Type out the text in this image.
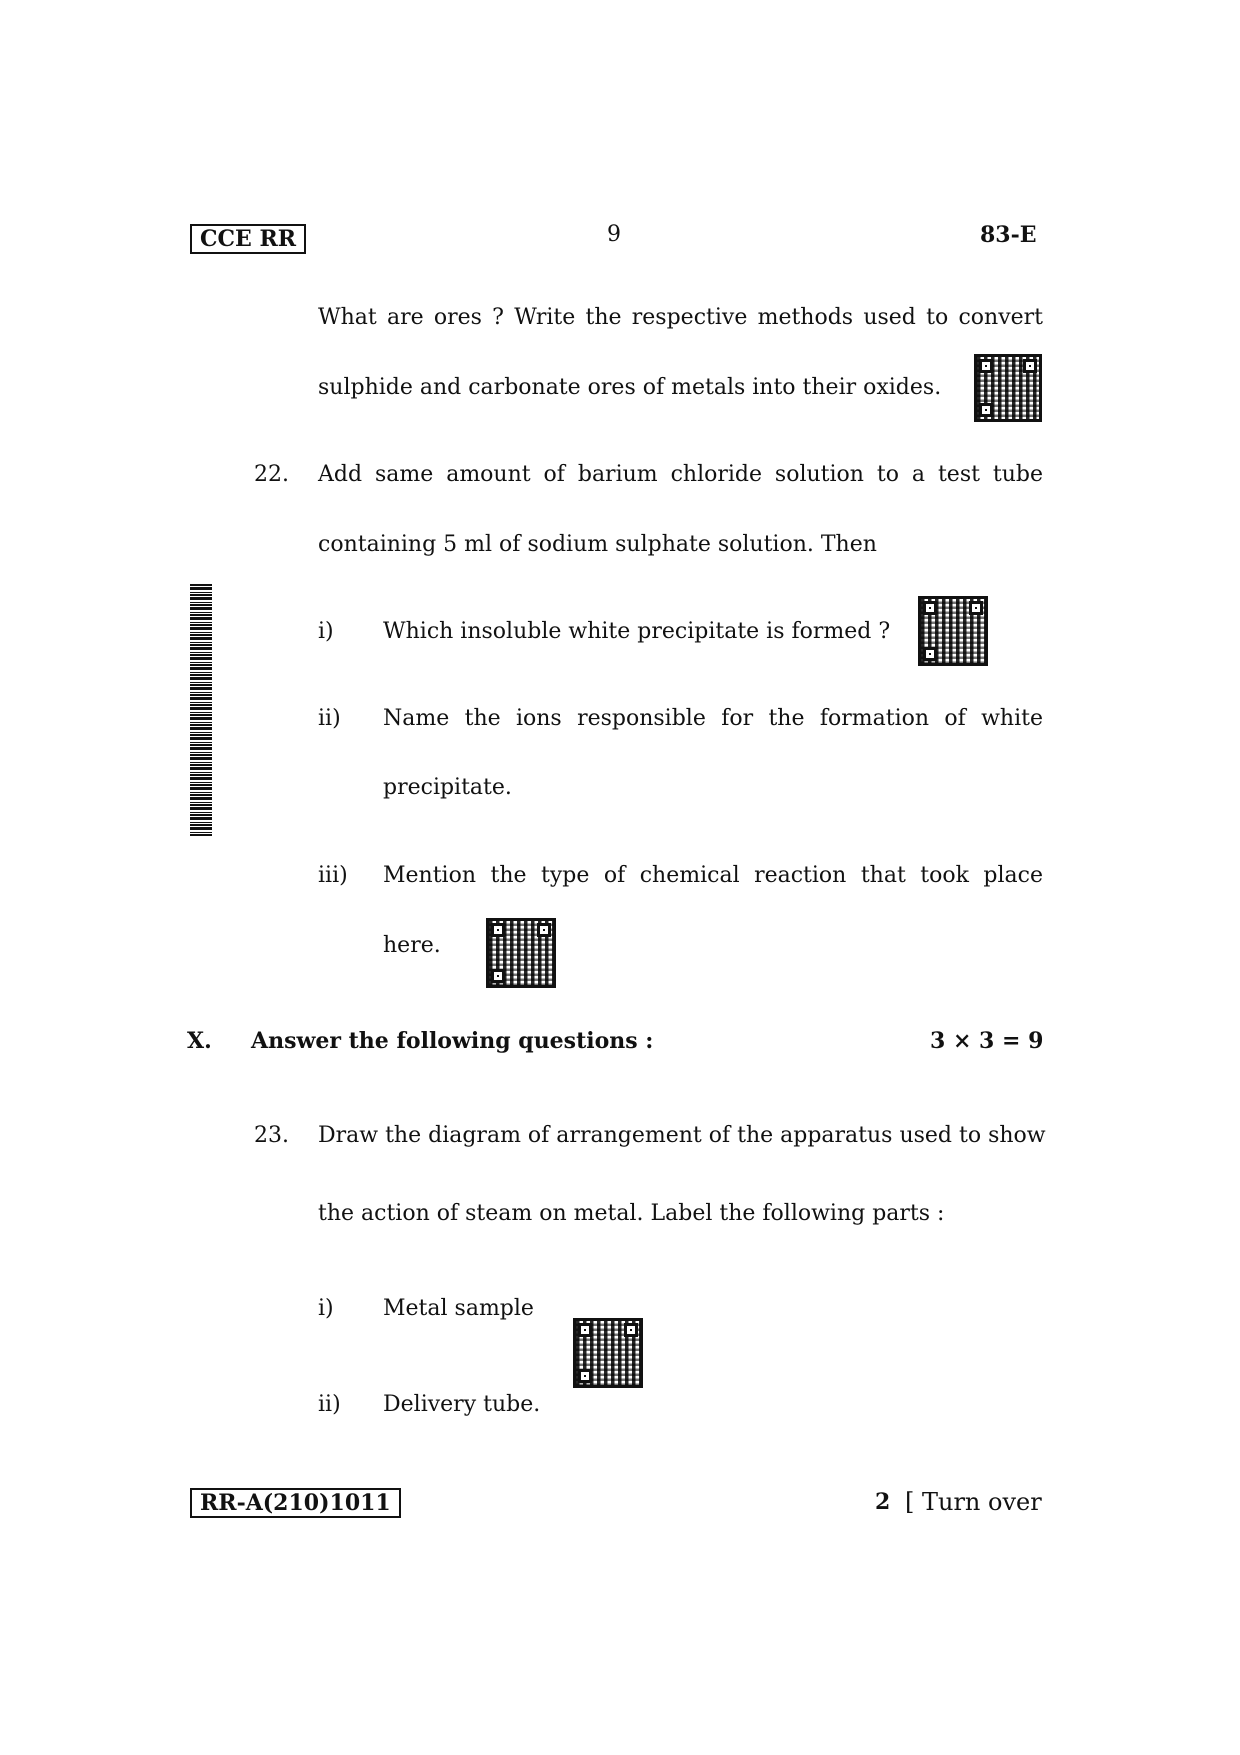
CCE RR	9	83-E
What are ores ? Write the respective methods used to convert
sulphide and carbonate ores of metals into their oxides.
22. Add same amount of barium chloride solution to a test tube
containing 5 ml of sodium sulphate solution. Then
i) Which insoluble white precipitate is formed ?
ii) Name the ions responsible for the formation of white
precipitate.
iii) Mention the type of chemical reaction that took place
here.
X. Answer the following questions :	3 × 3 = 9
23. Draw the diagram of arrangement of the apparatus used to show
the action of steam on metal. Label the following parts :
i) Metal sample
ii) Delivery tube.
RR-A(210)1011	2 [ Turn over
